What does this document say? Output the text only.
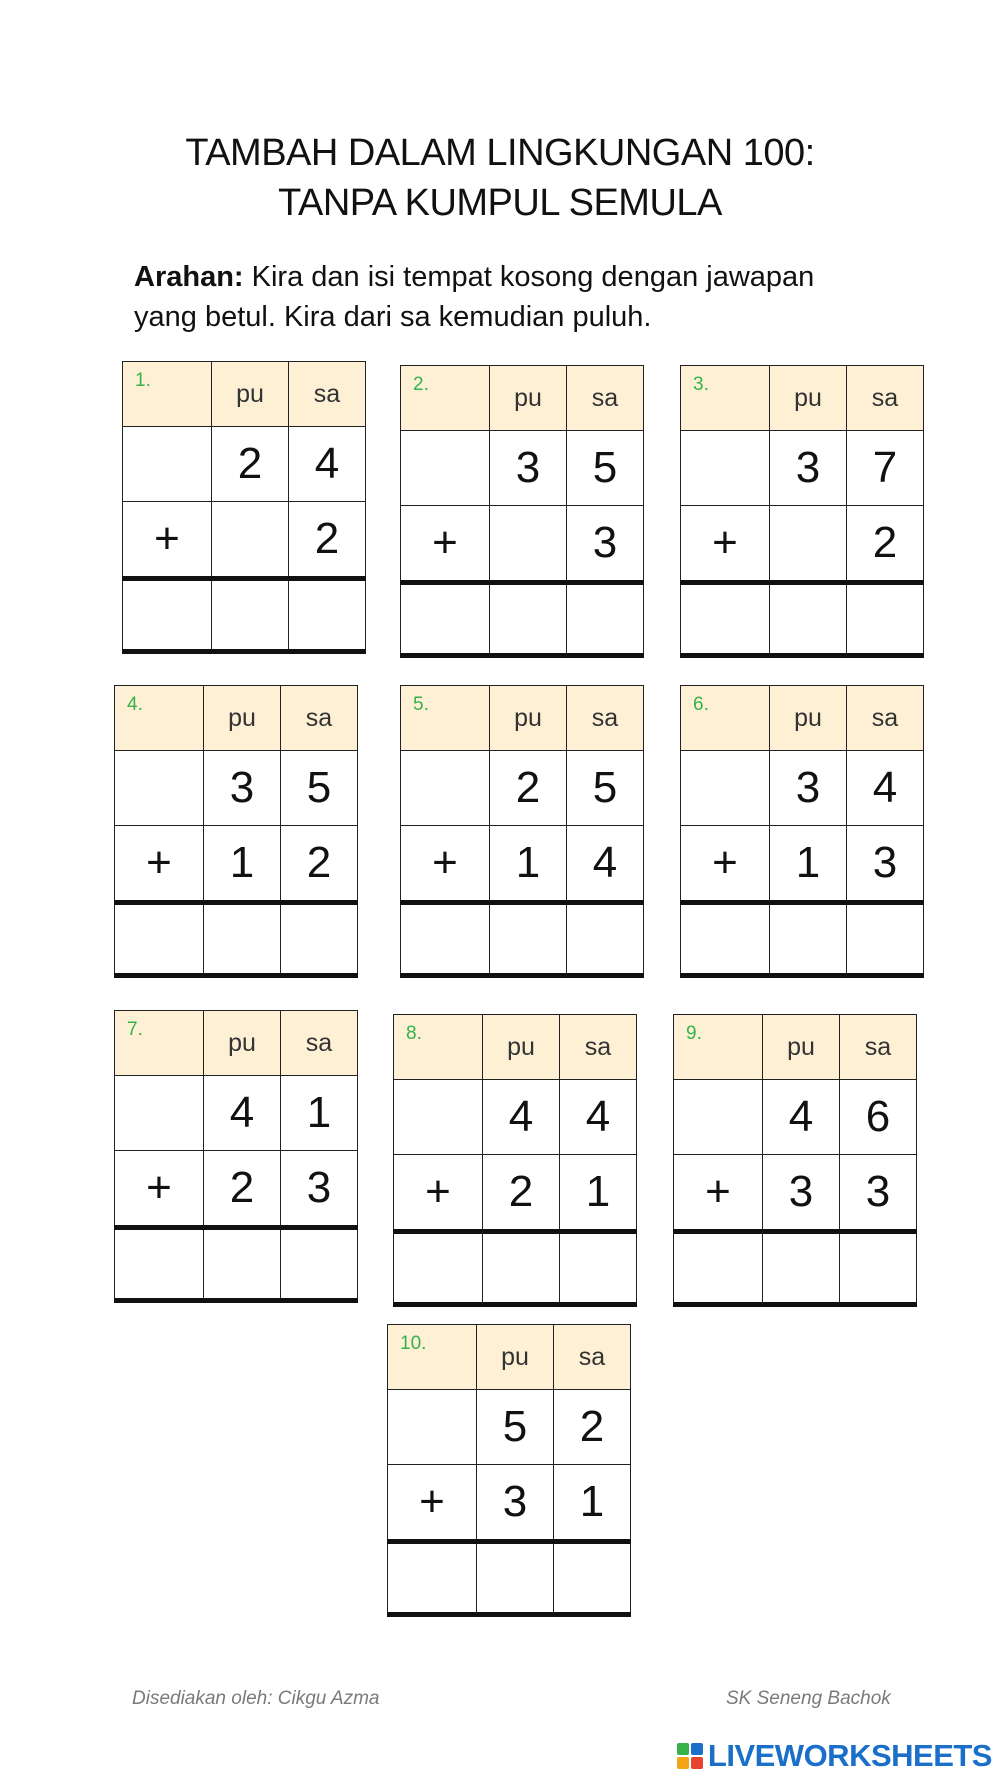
TAMBAH DALAM LINGKUNGAN 100:
TANPA KUMPUL SEMULA
Arahan: Kira dan isi tempat kosong dengan jawapan
yang betul. Kira dari sa kemudian puluh.
1.	pu	sa
	2	4
+		2

2.	pu	sa
	3	5
+		3

3.	pu	sa
	3	7
+		2

4.	pu	sa
	3	5
+	1	2

5.	pu	sa
	2	5
+	1	4

6.	pu	sa
	3	4
+	1	3

7.	pu	sa
	4	1
+	2	3

8.	pu	sa
	4	4
+	2	1

9.	pu	sa
	4	6
+	3	3

10.	pu	sa
	5	2
+	3	1

Disediakan oleh: Cikgu Azma	SK Seneng Bachok
LIVEWORKSHEETS
